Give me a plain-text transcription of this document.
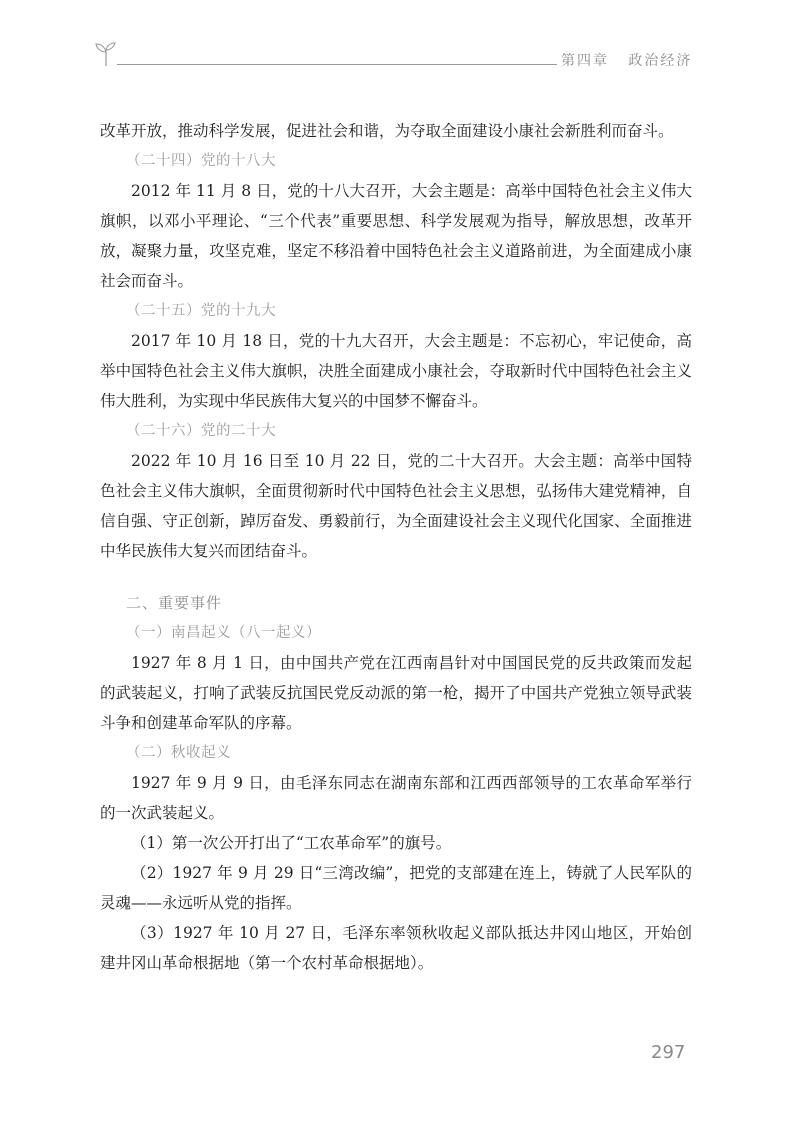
第四章 政治经济

改革开放，推动科学发展，促进社会和谐，为夺取全面建设小康社会新胜利而奋斗。

（二十四）党的十八大

2012 年 11 月 8 日，党的十八大召开，大会主题是：高举中国特色社会主义伟大旗帜，以邓小平理论、“三个代表”重要思想、科学发展观为指导，解放思想，改革开放，凝聚力量，攻坚克难，坚定不移沿着中国特色社会主义道路前进，为全面建成小康社会而奋斗。

（二十五）党的十九大

2017 年 10 月 18 日，党的十九大召开，大会主题是：不忘初心，牢记使命，高举中国特色社会主义伟大旗帜，决胜全面建成小康社会，夺取新时代中国特色社会主义伟大胜利，为实现中华民族伟大复兴的中国梦不懈奋斗。

（二十六）党的二十大

2022 年 10 月 16 日至 10 月 22 日，党的二十大召开。大会主题：高举中国特色社会主义伟大旗帜，全面贯彻新时代中国特色社会主义思想，弘扬伟大建党精神，自信自强、守正创新，踔厉奋发、勇毅前行，为全面建设社会主义现代化国家、全面推进中华民族伟大复兴而团结奋斗。

二、重要事件

（一）南昌起义（八一起义）

1927 年 8 月 1 日，由中国共产党在江西南昌针对中国国民党的反共政策而发起的武装起义，打响了武装反抗国民党反动派的第一枪，揭开了中国共产党独立领导武装斗争和创建革命军队的序幕。

（二）秋收起义

1927 年 9 月 9 日，由毛泽东同志在湖南东部和江西西部领导的工农革命军举行的一次武装起义。

（1）第一次公开打出了“工农革命军”的旗号。

（2）1927 年 9 月 29 日“三湾改编”，把党的支部建在连上，铸就了人民军队的灵魂——永远听从党的指挥。

（3）1927 年 10 月 27 日，毛泽东率领秋收起义部队抵达井冈山地区，开始创建井冈山革命根据地（第一个农村革命根据地）。

297
